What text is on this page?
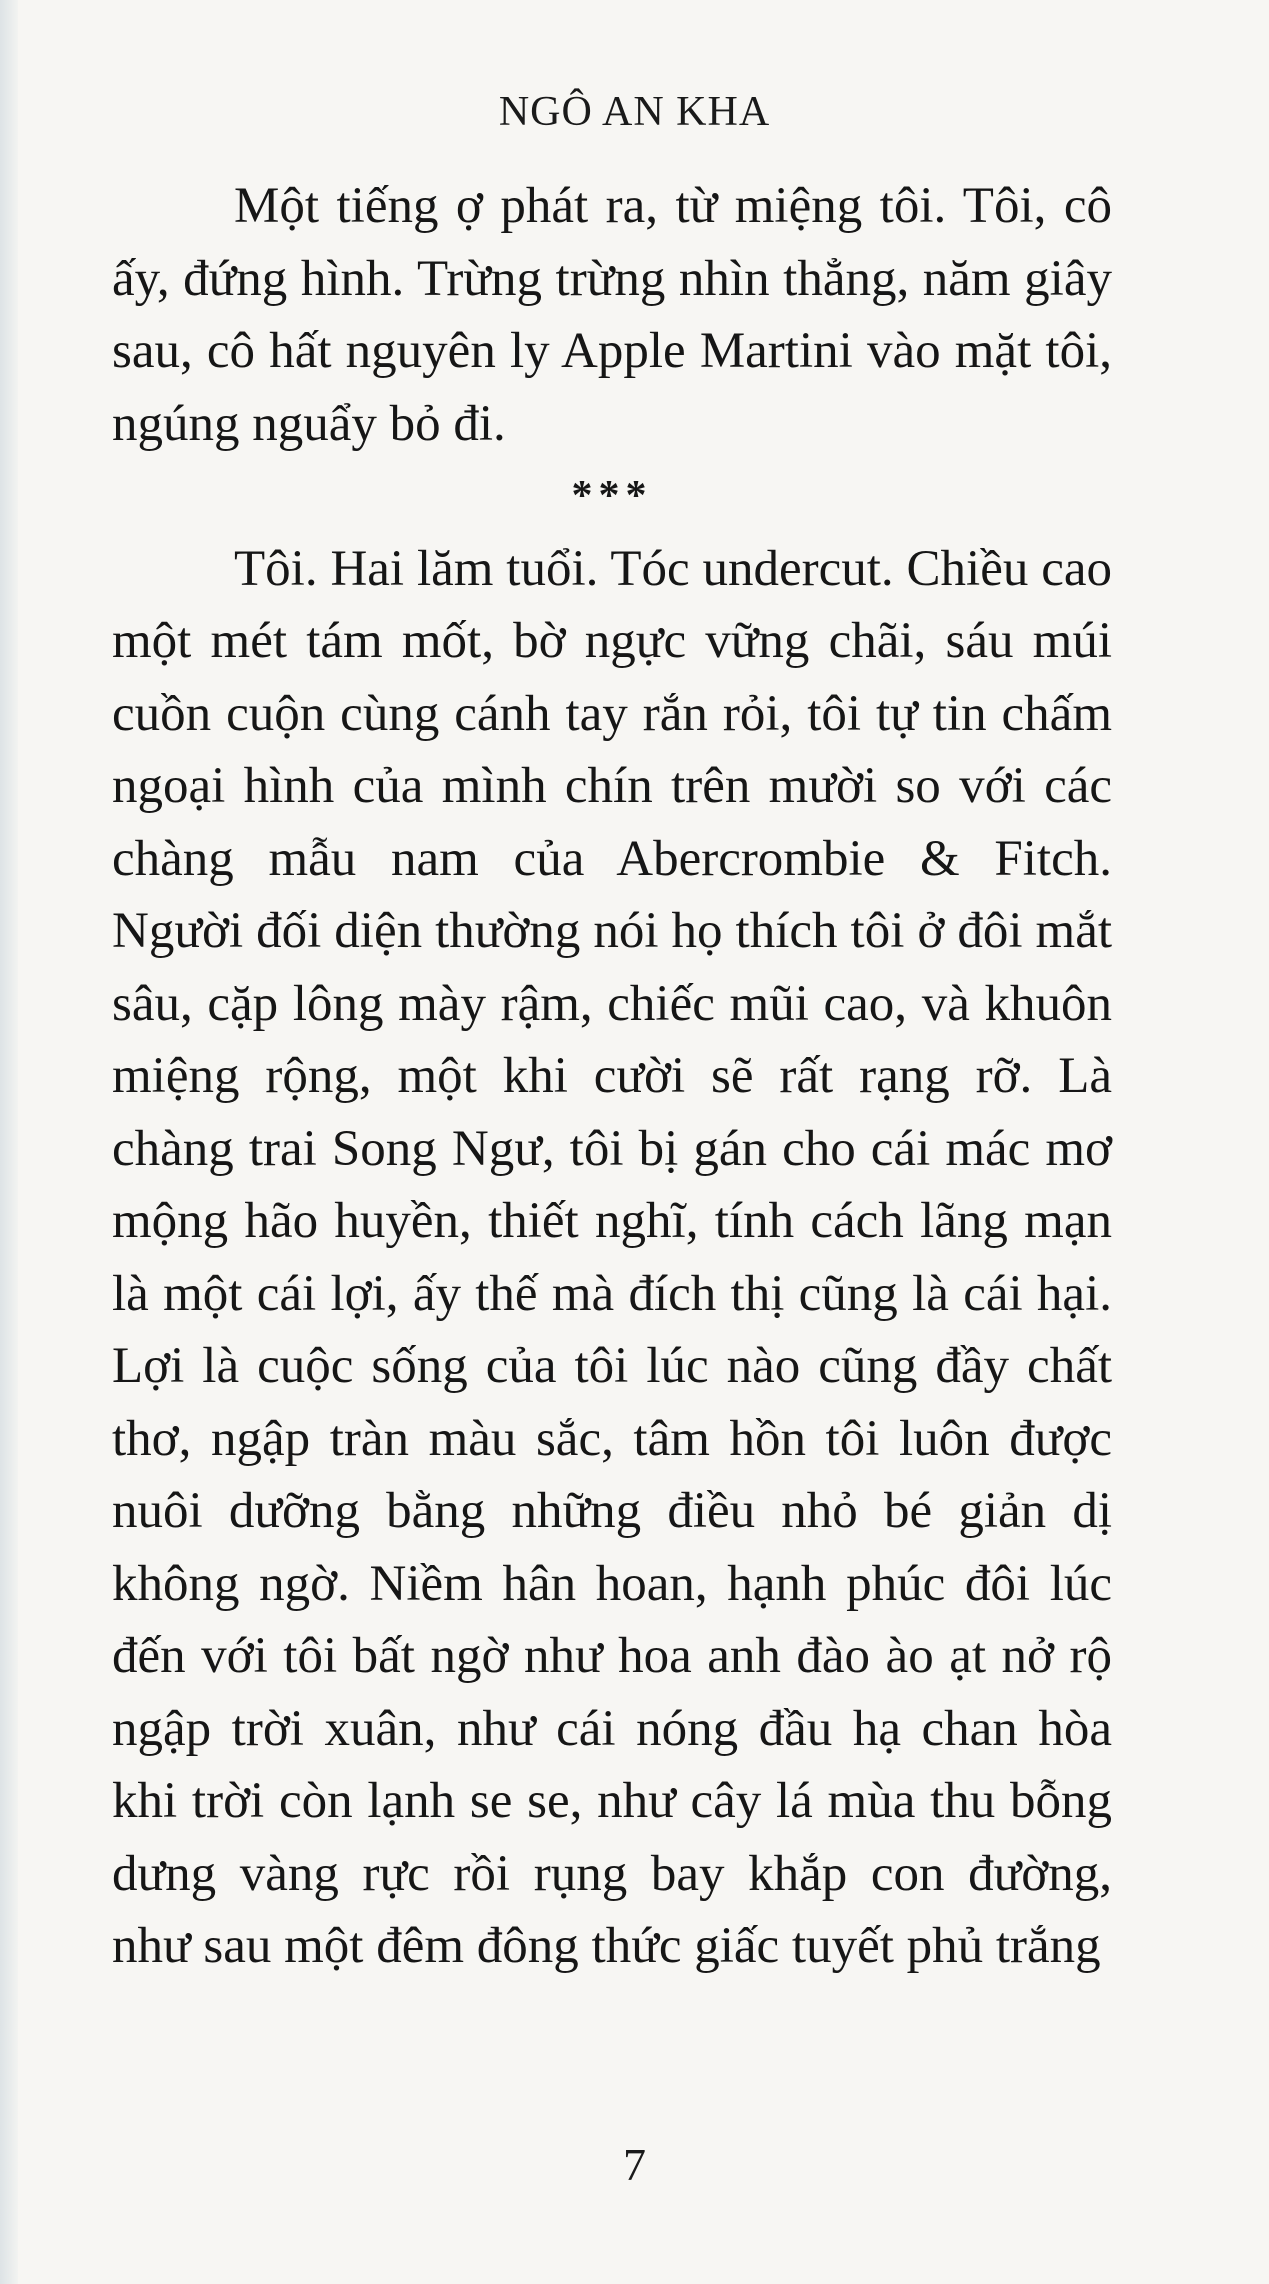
NGÔ AN KHA

Một tiếng ợ phát ra, từ miệng tôi. Tôi, cô ấy, đứng hình. Trừng trừng nhìn thẳng, năm giây sau, cô hất nguyên ly Apple Martini vào mặt tôi, ngúng nguẩy bỏ đi.

***

Tôi. Hai lăm tuổi. Tóc undercut. Chiều cao một mét tám mốt, bờ ngực vững chãi, sáu múi cuồn cuộn cùng cánh tay rắn rỏi, tôi tự tin chấm ngoại hình của mình chín trên mười so với các chàng mẫu nam của Abercrombie & Fitch. Người đối diện thường nói họ thích tôi ở đôi mắt sâu, cặp lông mày rậm, chiếc mũi cao, và khuôn miệng rộng, một khi cười sẽ rất rạng rỡ. Là chàng trai Song Ngư, tôi bị gán cho cái mác mơ mộng hão huyền, thiết nghĩ, tính cách lãng mạn là một cái lợi, ấy thế mà đích thị cũng là cái hại. Lợi là cuộc sống của tôi lúc nào cũng đầy chất thơ, ngập tràn màu sắc, tâm hồn tôi luôn được nuôi dưỡng bằng những điều nhỏ bé giản dị không ngờ. Niềm hân hoan, hạnh phúc đôi lúc đến với tôi bất ngờ như hoa anh đào ào ạt nở rộ ngập trời xuân, như cái nóng đầu hạ chan hòa khi trời còn lạnh se se, như cây lá mùa thu bỗng dưng vàng rực rồi rụng bay khắp con đường, như sau một đêm đông thức giấc tuyết phủ trắng

7
